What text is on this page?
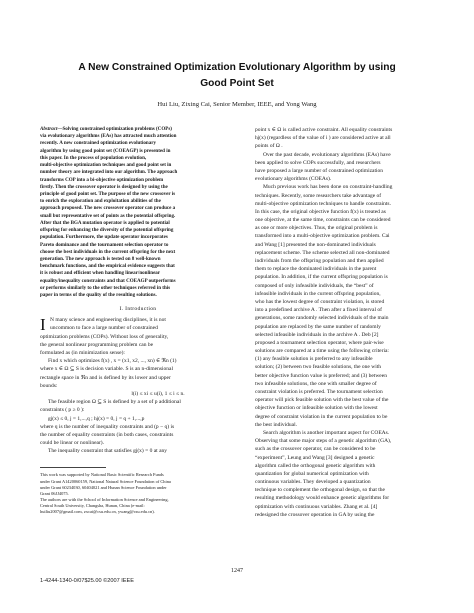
A New Constrained Optimization Evolutionary Algorithm by using
Good Point Set
Hui Liu, Zixing Cai, Senior Member, IEEE, and Yong Wang
Abstract—Solving constrained optimization problems (COPs)
via evolutionary algorithms (EAs) has attracted much attention
recently. A new constrained optimization evolutionary
algorithm by using good point set (COEAGP) is presented in
this paper. In the process of population evolution,
multi-objective optimization techniques and good point set in
number theory are integrated into our algorithm. The approach
transforms COP into a bi-objective optimization problem
firstly. Then the crossover operator is designed by using the
principle of good point set. The purpose of the new crossover is
to enrich the exploration and exploitation abilities of the
approach proposed. The new crossover operator can produce a
small but representative set of points as the potential offspring.
After that the BGA mutation operator is applied to potential
offspring for enhancing the diversity of the potential offspring
population. Furthermore, the update operator incorporates
Pareto dominance and the tournament selection operator to
choose the best individuals in the current offspring for the next
generation. The new approach is tested on 8 well-known
benchmark functions, and the empirical evidence suggests that
it is robust and efficient when handling linear/nonlinear
equality/inequality constraints and that COEAGP outperforms
or performs similarly to the other techniques referred in this
paper in terms of the quality of the resulting solutions.
I. Introduction
I N many science and engineering disciplines, it is not
uncommon to face a large number of constrained
optimization problems (COPs). Without loss of generality,
the general nonlinear programming problem can be
formulated as (in minimization sense):
Find x which optimizes f(x) , x = (x1, x2, ..., xn) ∈ ℜn (1)
where x ∈ Ω ⊆ S is decision variable. S is an n-dimensional
rectangle space in ℜn and is defined by its lower and upper
bounds:
l(i) ≤ xi ≤ u(i), 1 ≤ i ≤ n.
The feasible region Ω ⊆ S is defined by a set of p additional
constraints ( p ≥ 0 ):
gj(x) ≤ 0, j = 1,...,q ; hj(x) = 0, j = q + 1,...,p
where q is the number of inequality constraints and (p − q) is
the number of equality constraints (in both cases, constraints
could be linear or nonlinear).
The inequality constraint that satisfies gj(x) = 0 at any
This work was supported by National Basic Scientific Research Funds
under Grant A1420060159, National Natural Science Foundation of China
under Grant 60234030, 60404021 and Hunan Science Foundation under
Grant 06JJ4075.
The authors are with the School of Information Science and Engineering,
Central South University, Changsha, Hunan, China (e-mail:
huiliu2007@gmail.com, zxcai@csu.edu.cn, ywang@csu.edu.cn).
point x ∈ Ω is called active constraint. All equality constraints
hj(x) (regardless of the value of i ) are considered active at all
points of Ω .
Over the past decade, evolutionary algorithms (EAs) have
been applied to solve COPs successfully, and researchers
have proposed a large number of constrained optimization
evolutionary algorithms (COEAs).
Much previous work has been done on constraint-handling
techniques. Recently, some researchers take advantage of
multi-objective optimization techniques to handle constraints.
In this case, the original objective function f(x) is treated as
one objective, at the same time, constraints can be considered
as one or more objectives. Thus, the original problem is
transformed into a multi-objective optimization problem. Cai
and Wang [1] presented the non-dominated individuals
replacement scheme. The scheme selected all non-dominated
individuals from the offspring population and then applied
them to replace the dominated individuals in the parent
population. In addition, if the current offspring population is
composed of only infeasible individuals, the “best” of
infeasible individuals in the current offspring population,
who has the lowest degree of constraint violation, is stored
into a predefined archive A . Then after a fixed interval of
generations, some randomly selected individuals of the main
population are replaced by the same number of randomly
selected infeasible individuals in the archive A . Deb [2]
proposed a tournament selection operator, where pair-wise
solutions are compared at a time using the following criteria:
(1) any feasible solution is preferred to any infeasible
solution; (2) between two feasible solutions, the one with
better objective function value is preferred; and (3) between
two infeasible solutions, the one with smaller degree of
constraint violation is preferred. The tournament selection
operator will pick feasible solution with the best value of the
objective function or infeasible solution with the lowest
degree of constraint violation in the current population to be
the best individual.
Search algorithm is another important aspect for COEAs.
Observing that some major steps of a genetic algorithm (GA),
such as the crossover operator, can be considered to be
“experiment”, Leung and Wang [3] designed a genetic
algorithm called the orthogonal genetic algorithm with
quantization for global numerical optimization with
continuous variables. They developed a quantization
technique to complement the orthogonal design, so that the
resulting methodology would enhance genetic algorithms for
optimization with continuous variables. Zhang et al. [4]
redesigned the crossover operation in GA by using the
1247
1-4244-1340-0/07$25.00 ©2007 IEEE
